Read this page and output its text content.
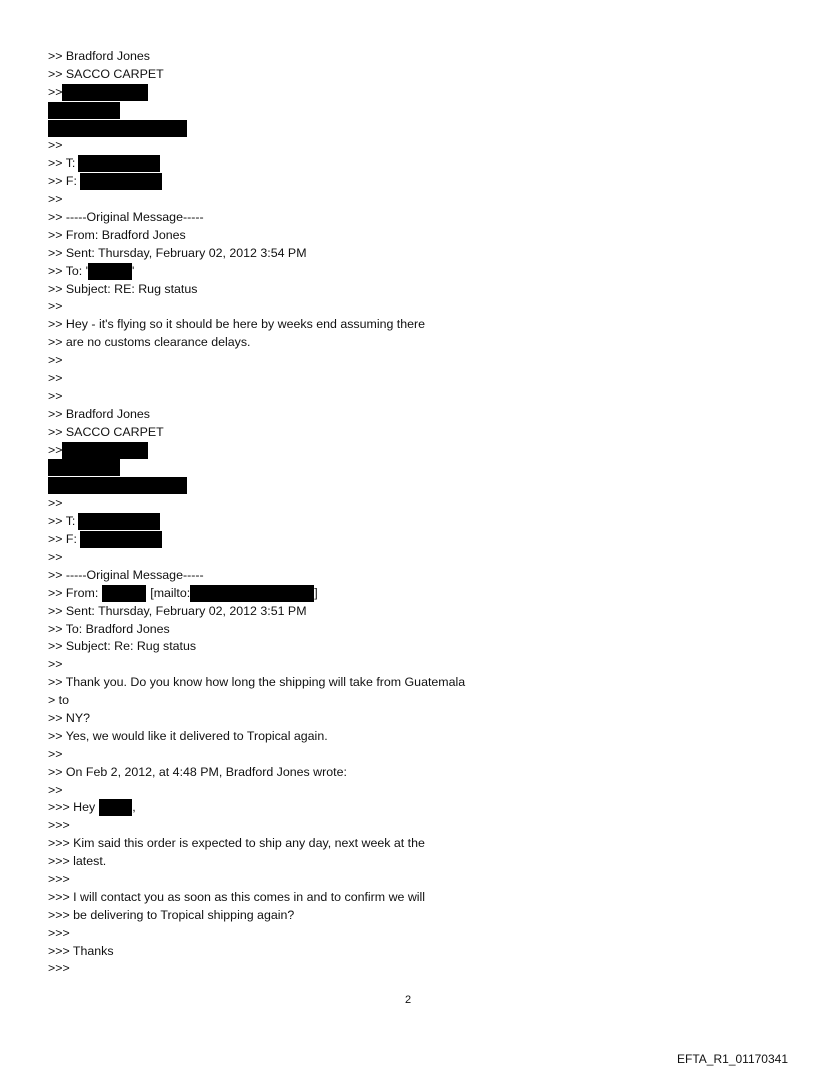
>> Bradford Jones
>> SACCO CARPET
>>
>>
>> T:
>> F:
>>
>> -----Original Message-----
>> From: Bradford Jones
>> Sent: Thursday, February 02, 2012 3:54 PM
>> To: '	'
>> Subject: RE: Rug status
>>
>> Hey - it's flying so it should be here by weeks end assuming there
>> are no customs clearance delays.
>>
>>
>>
>> Bradford Jones
>> SACCO CARPET
>>
>>
>> T:
>> F:
>>
>> -----Original Message-----
>> From:	[mailto:	]
>> Sent: Thursday, February 02, 2012 3:51 PM
>> To: Bradford Jones
>> Subject: Re: Rug status
>>
>> Thank you. Do you know how long the shipping will take from Guatemala
> to
>> NY?
>> Yes, we would like it delivered to Tropical again.
>>
>> On Feb 2, 2012, at 4:48 PM, Bradford Jones wrote:
>>
>>> Hey	,
>>>
>>> Kim said this order is expected to ship any day, next week at the
>>> latest.
>>>
>>> I will contact you as soon as this comes in and to confirm we will
>>> be delivering to Tropical shipping again?
>>>
>>> Thanks
>>>
2
EFTA_R1_01170341
